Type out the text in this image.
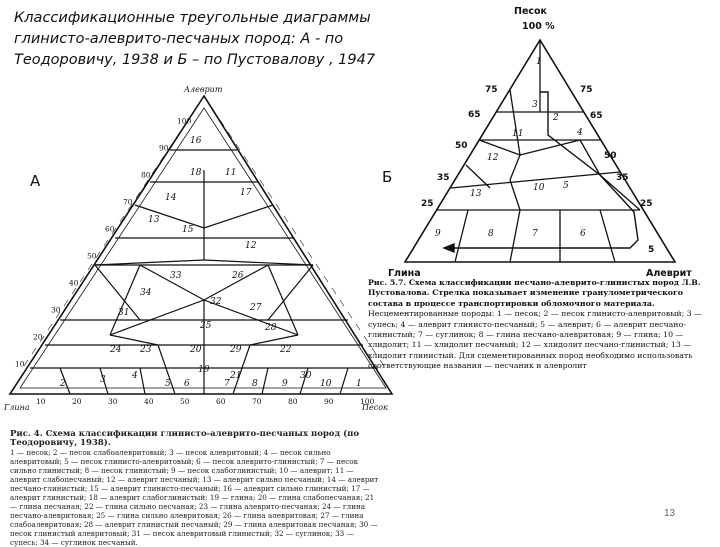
Классификационные треугольные диаграммы глинисто-алеврито-песчаных пород: А - по Теодоровичу, 1938 и Б – по Пустовалову , 1947
А	Б
Алеврит
Глина	Песок
100
90
80
70
60
50
40
30
20
10
10	20	30	40	50	60	70	80	90	100
16
18	11
17
15
14
13
33	26
32
27
34
25
31
28
20
23	29	22
24
19
30
21
12
2	3	4
5 6	7 8	9	10	1
Песок
100 %
Глина	Алеврит
75
65
50
35
25
75
65
50
35
25
5
1
2
3
4
5
6
7
8
9
10
11
12
13
Рис. 4. Схема классификации глинисто-алеврито-песчаных пород (по Теодоровичу, 1938).
1 — песок; 2 — песок слабоалевритовый; 3 — песок алевритовый; 4 — песок сильно алевритовый; 5 — песок глинисто-алевритовый; 6 — песок алеврито-глинистый; 7 — песок сильно глинистый; 8 — песок глинистый; 9 — песок слабоглинистый; 10 — алеврит; 11 — алеврит слабопесчаный; 12 — алеврит песчаный; 13 — алеврит сильно песчаный; 14 — алеврит песчано-глинистый; 15 — алеврит глинисто-песчаный; 16 — алеврит сильно глинистый; 17 — алеврит глинистый; 18 — алеврит слабоглинистый; 19 — глина; 20 — глина слабопесчаная; 21 — глина песчаная; 22 — глина сильно песчаная; 23 — глина алеврито-песчаная; 24 — глина песчано-алевритовая; 25 — глина сильно алевритовая; 26 — глина алевритовая; 27 — глина слабоалевритовая; 28 — алеврит глинистый песчаный; 29 — глина алевритовая песчаная; 30 — песок глинистый алевритовый; 31 — песок алевритовый глинистый; 32 — суглинок; 33 — супесь; 34 — суглинок песчаный.
Рис. 5.7. Схема классификации песчано-алеврито-глинистых пород Л.В. Пустовалова. Стрелка показывает изменение гранулометрического состава в процессе транспортировки обломочного материала.
Несцементированные породы: 1 — песок; 2 — песок глинисто-алевритовый; 3 — супесь; 4 — алеврит глинисто-песчаный; 5 — алеврит; 6 — алеврит песчано-глинистый; 7 — суглинок; 8 — глина песчано-алевритовая; 9 — глина; 10 — хлидолит; 11 — хлидолит песчаный; 12 — хлидолит песчано-глинистый; 13 — хлидолит глинистый. Для сцементированных пород необходимо использовать соответствующие названия — песчаник и алевролит
13
